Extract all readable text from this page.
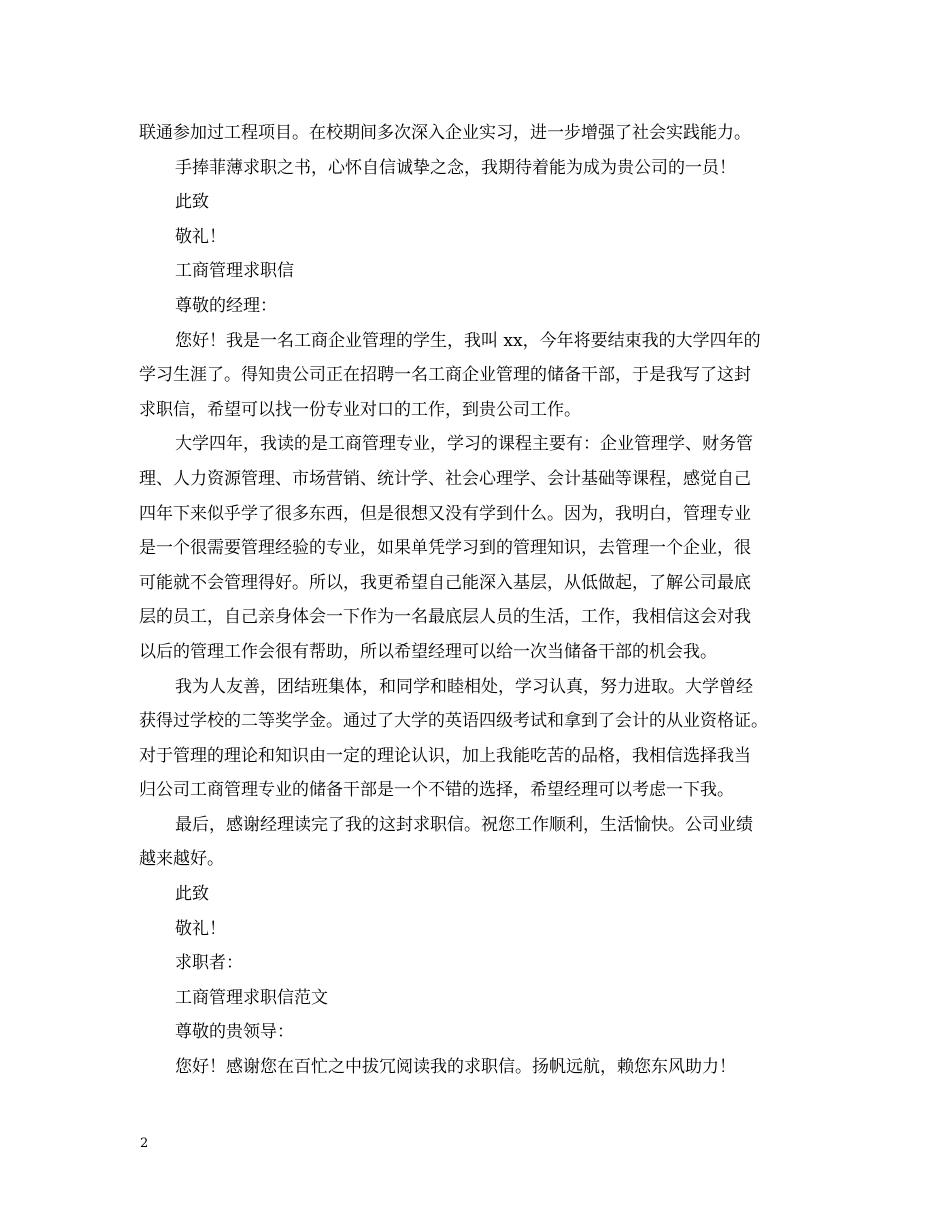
联通参加过工程项目。在校期间多次深入企业实习，进一步增强了社会实践能力。
手捧菲薄求职之书，心怀自信诚挚之念，我期待着能为成为贵公司的一员！
此致
敬礼！
工商管理求职信
尊敬的经理：
您好！我是一名工商企业管理的学生，我叫 xx，今年将要结束我的大学四年的
学习生涯了。得知贵公司正在招聘一名工商企业管理的储备干部，于是我写了这封
求职信，希望可以找一份专业对口的工作，到贵公司工作。
大学四年，我读的是工商管理专业，学习的课程主要有：企业管理学、财务管
理、人力资源管理、市场营销、统计学、社会心理学、会计基础等课程，感觉自己
四年下来似乎学了很多东西，但是很想又没有学到什么。因为，我明白，管理专业
是一个很需要管理经验的专业，如果单凭学习到的管理知识，去管理一个企业，很
可能就不会管理得好。所以，我更希望自己能深入基层，从低做起，了解公司最底
层的员工，自己亲身体会一下作为一名最底层人员的生活，工作，我相信这会对我
以后的管理工作会很有帮助，所以希望经理可以给一次当储备干部的机会我。
我为人友善，团结班集体，和同学和睦相处，学习认真，努力进取。大学曾经
获得过学校的二等奖学金。通过了大学的英语四级考试和拿到了会计的从业资格证。
对于管理的理论和知识由一定的理论认识，加上我能吃苦的品格，我相信选择我当
归公司工商管理专业的储备干部是一个不错的选择，希望经理可以考虑一下我。
最后，感谢经理读完了我的这封求职信。祝您工作顺利，生活愉快。公司业绩
越来越好。
此致
敬礼！
求职者：
工商管理求职信范文
尊敬的贵领导：
您好！感谢您在百忙之中拔冗阅读我的求职信。扬帆远航，赖您东风助力！
2
